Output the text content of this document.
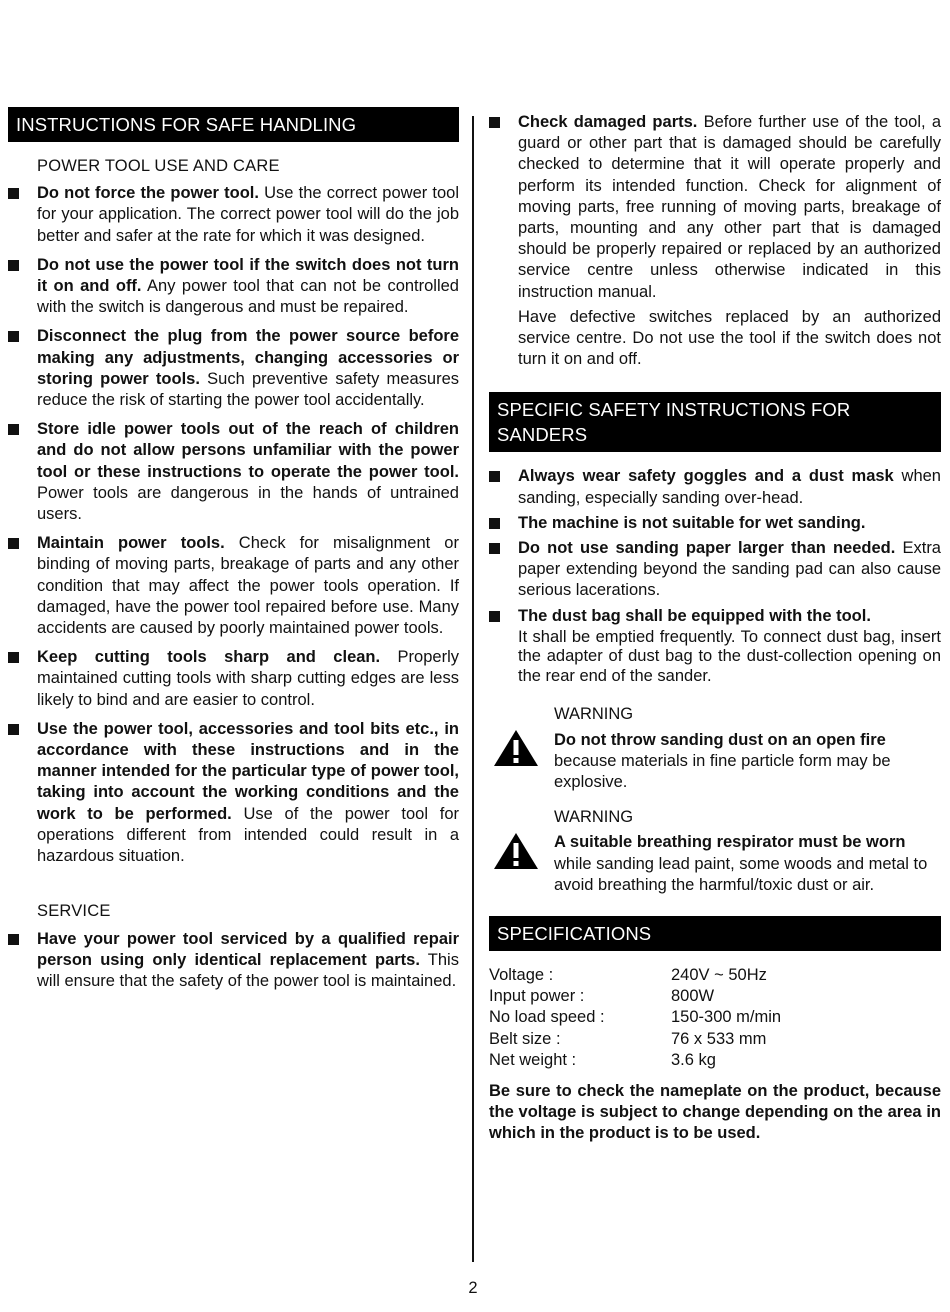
INSTRUCTIONS FOR SAFE HANDLING
POWER TOOL USE AND CARE
Do not force the power tool. Use the correct power tool for your application. The correct power tool will do the job better and safer at the rate for which it was designed.
Do not use the power tool if the switch does not turn it on and off. Any power tool that can not be controlled with the switch is dangerous and must be repaired.
Disconnect the plug from the power source before making any adjustments, changing accessories or storing power tools. Such preventive safety measures reduce the risk of starting the power tool accidentally.
Store idle power tools out of the reach of children and do not allow persons unfamiliar with the power tool or these instructions to operate the power tool. Power tools are dangerous in the hands of untrained users.
Maintain power tools. Check for misalignment or binding of moving parts, breakage of parts and any other condition that may affect the power tools operation. If damaged, have the power tool repaired before use. Many accidents are caused by poorly maintained power tools.
Keep cutting tools sharp and clean. Properly maintained cutting tools with sharp cutting edges are less likely to bind and are easier to control.
Use the power tool, accessories and tool bits etc., in accordance with these instructions and in the manner intended for the particular type of power tool, taking into account the working conditions and the work to be performed. Use of the power tool for operations different from intended could result in a hazardous situation.
SERVICE
Have your power tool serviced by a qualified repair person using only identical replacement parts. This will ensure that the safety of the power tool is maintained.
Check damaged parts. Before further use of the tool, a guard or other part that is damaged should be carefully checked to determine that it will operate properly and perform its intended function. Check for alignment of moving parts, free running of moving parts, breakage of parts, mounting and any other part that is damaged should be properly repaired or replaced by an authorized service centre unless otherwise indicated in this instruction manual.
Have defective switches replaced by an authorized service centre. Do not use the tool if the switch does not turn it on and off.
SPECIFIC SAFETY INSTRUCTIONS FOR
SANDERS
Always wear safety goggles and a dust mask when sanding, especially sanding over-head.
The machine is not suitable for wet sanding.
Do not use sanding paper larger than needed. Extra paper extending beyond the sanding pad can also cause serious lacerations.
The dust bag shall be equipped with the tool.
It shall be emptied frequently. To connect dust bag, insert the adapter of dust bag to the dust-collection opening on the rear end of the sander.
WARNING
Do not throw sanding dust on an open fire because materials in fine particle form may be explosive.
WARNING
A suitable breathing respirator must be worn while sanding lead paint, some woods and metal to avoid breathing the harmful/toxic dust or air.
SPECIFICATIONS
Voltage :	240V ~ 50Hz
Input power :	800W
No load speed :	150-300 m/min
Belt size :	76 x 533 mm
Net weight :	3.6 kg
Be sure to check the nameplate on the product, because the voltage is subject to change depending on the area in which in the product is to be used.
2
